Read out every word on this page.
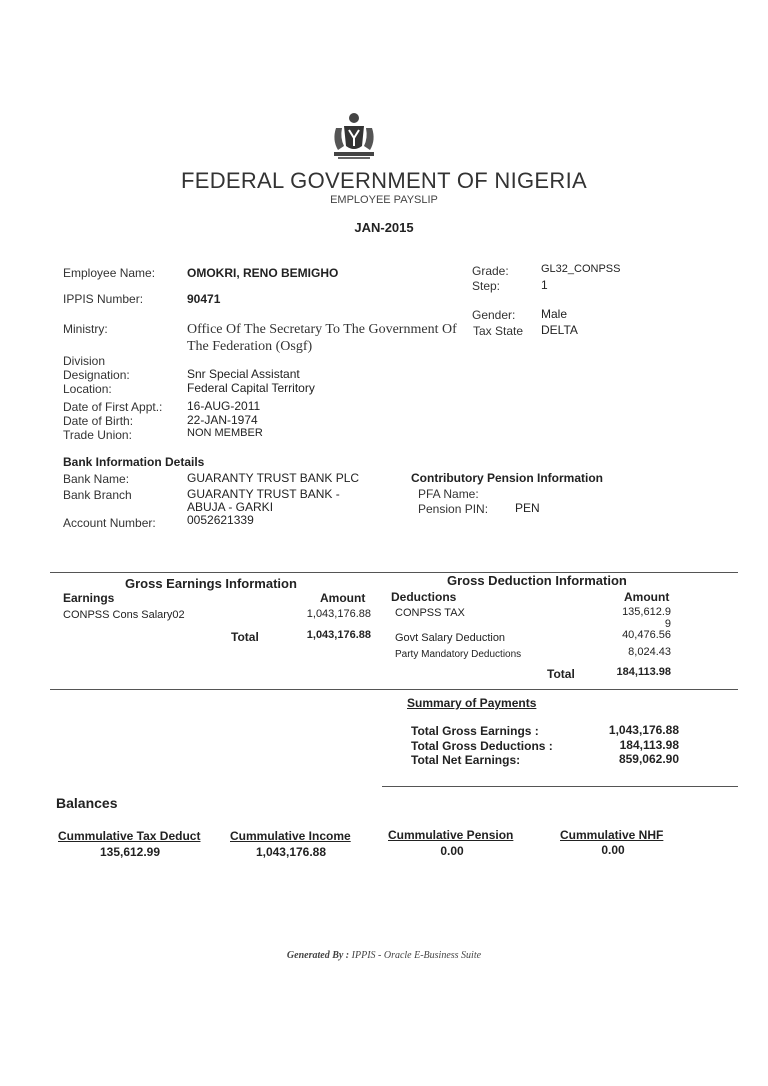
FEDERAL GOVERNMENT OF NIGERIA
EMPLOYEE PAYSLIP
JAN-2015
Employee Name:	OMOKRI, RENO BEMIGHO
IPPIS Number:	90471
Ministry:	Office Of The Secretary To The Government Of
The Federation (Osgf)
Division
Designation:	Snr Special Assistant
Location:	Federal Capital Territory
Date of First Appt.: 16-AUG-2011
Date of Birth:	22-JAN-1974
Trade Union:	NON MEMBER
Grade:	GL32_CONPSS
Step:	1
Gender: Male
Tax State DELTA
Bank Information Details
Bank Name:	GUARANTY TRUST BANK PLC
Bank Branch	GUARANTY TRUST BANK -
ABUJA - GARKI
Account Number:	0052621339
Contributory Pension Information
PFA Name:
Pension PIN: PEN
Gross Earnings Information	Gross Deduction Information
Earnings	Amount Deductions	Amount
CONPSS Cons Salary02	1,043,176.88
Total	1,043,176.88
CONPSS TAX	135,612.9
9
Govt Salary Deduction	40,476.56
Party Mandatory Deductions	8,024.43
Total	184,113.98
Summary of Payments
Total Gross Earnings :	1,043,176.88
Total Gross Deductions :	184,113.98
Total Net Earnings:	859,062.90
Balances
Cummulative Tax Deduct
135,612.99
Cummulative Income
1,043,176.88
Cummulative Pension
0.00
Cummulative NHF
0.00
Generated By : IPPIS - Oracle E-Business Suite
